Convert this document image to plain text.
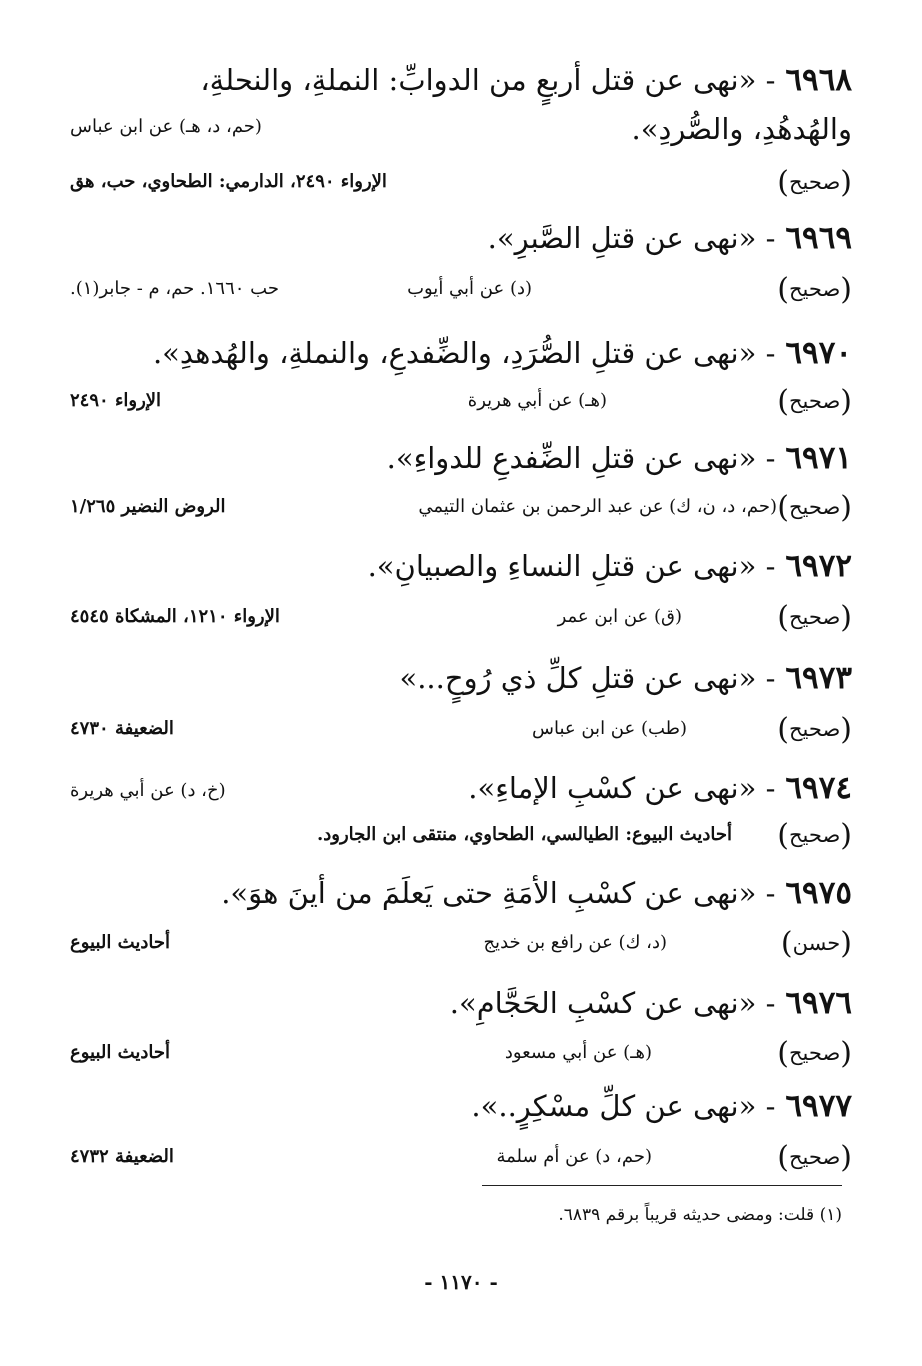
٦٩٦٨- «نهى عن قتل أربعٍ من الدوابِّ: النملةِ، والنحلةِ،
والهُدهُدِ، والصُّردِ».
(حم، د، هـ) عن ابن عباس
( صحيح )
الإرواء ٢٤٩٠، الدارمي: الطحاوي، حب، هق
٦٩٦٩- «نهى عن قتلِ الصَّبرِ».
( صحيح )
(د) عن أبي أيوب
حب ١٦٦٠. حم، م - جابر(١).
٦٩٧٠- «نهى عن قتلِ الصُّرَدِ، والضِّفدعِ، والنملةِ، والهُدهدِ».
( صحيح )
(هـ) عن أبي هريرة
الإرواء ٢٤٩٠
٦٩٧١- «نهى عن قتلِ الضِّفدعِ للدواءِ».
( صحيح )
(حم، د، ن، ك) عن عبد الرحمن بن عثمان التيمي
الروض النضير ١/٢٦٥
٦٩٧٢- «نهى عن قتلِ النساءِ والصبيانِ».
( صحيح )
(ق) عن ابن عمر
الإرواء ١٢١٠، المشكاة ٤٥٤٥
٦٩٧٣- «نهى عن قتلِ كلِّ ذي رُوحٍ...»
( صحيح )
(طب) عن ابن عباس
الضعيفة ٤٧٣٠
٦٩٧٤- «نهى عن كسْبِ الإماءِ».
(خ، د) عن أبي هريرة
( صحيح )
أحاديث البيوع: الطيالسي، الطحاوي، منتقى ابن الجارود.
٦٩٧٥- «نهى عن كسْبِ الأمَةِ حتى يَعلَمَ من أينَ هوَ».
( حسن )
(د، ك) عن رافع بن خديج
أحاديث البيوع
٦٩٧٦- «نهى عن كسْبِ الحَجَّامِ».
( صحيح )
(هـ) عن أبي مسعود
أحاديث البيوع
٦٩٧٧- «نهى عن كلِّ مسْكِرٍ..».
( صحيح )
(حم، د) عن أم سلمة
الضعيفة ٤٧٣٢
(١) قلت: ومضى حديثه قريباً برقم ٦٨٣٩.
- ١١٧٠ -
